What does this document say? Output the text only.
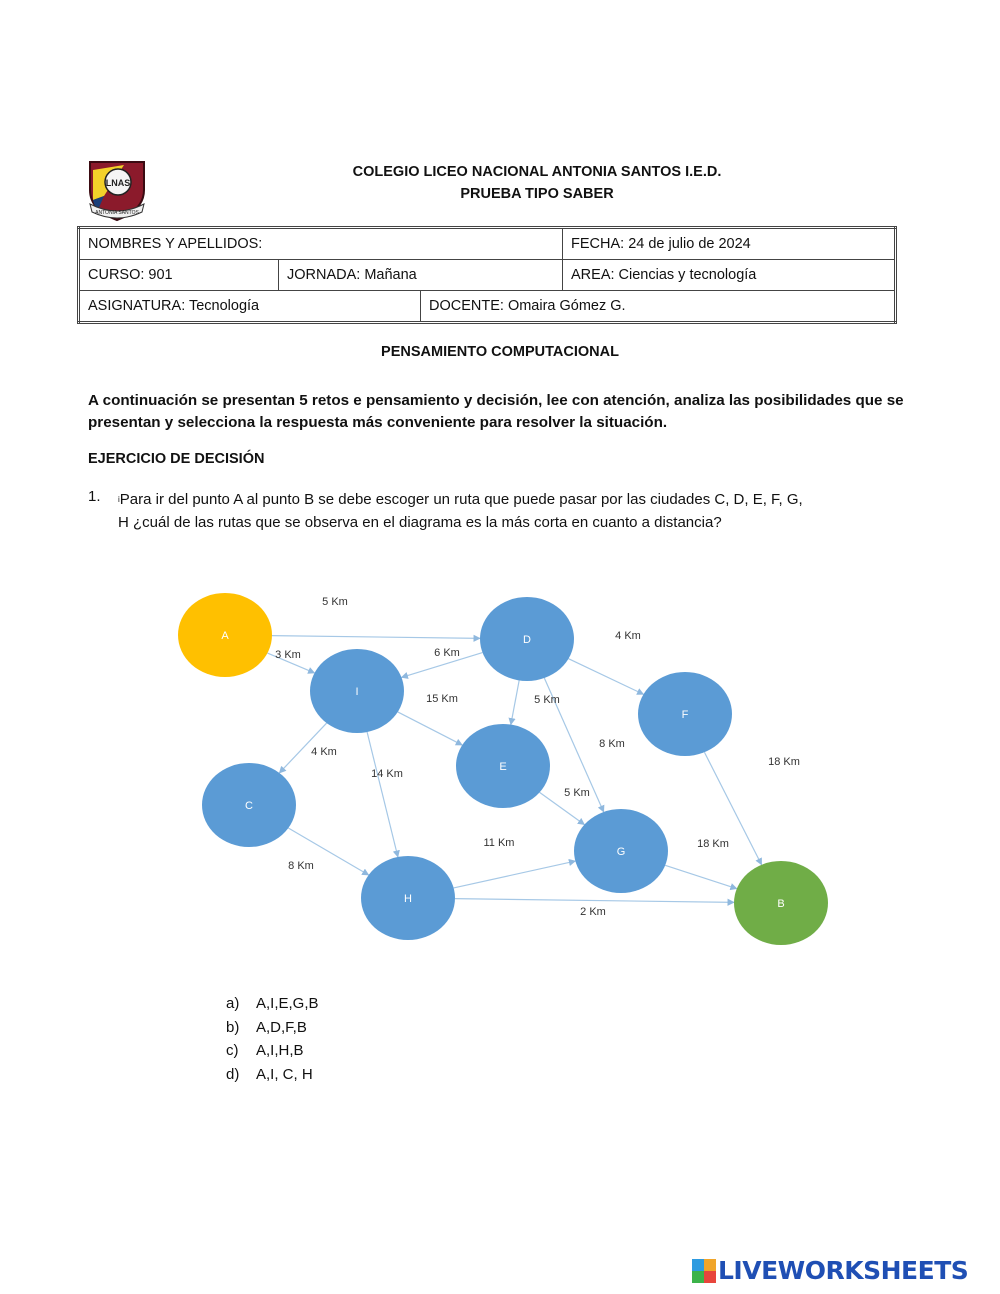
LNAS
ANTONIA SANTOS
COLEGIO LICEO NACIONAL ANTONIA SANTOS I.E.D.
PRUEBA TIPO SABER
NOMBRES Y APELLIDOS:			FECHA: 24 de julio de 2024
CURSO: 901	JORNADA: Mañana		AREA: Ciencias y tecnología
ASIGNATURA: Tecnología		DOCENTE: Omaira Gómez G.	
PENSAMIENTO COMPUTACIONAL
A continuación se presentan 5 retos e pensamiento y decisión, lee con atención, analiza las posibilidades que se presentan y selecciona la respuesta más conveniente para resolver la situación.
EJERCICIO DE DECISIÓN
1. $^i$Para ir del punto A al punto B se debe escoger un ruta que puede pasar por las ciudades C, D, E, F, G, H ¿cuál de las rutas que se observa en el diagrama es la más corta en cuanto a distancia?
5 Km
3 Km	6 Km
4 Km
5 Km
8 Km
15 Km
4 Km
14 Km
18 Km
5 Km
8 Km
11 Km	18 Km
2 Km
A	D
I
F
E
C
G
H	B
a)	A,I,E,G,B
b)	A,D,F,B
c)	A,I,H,B
d)	A,I, C, H
LIVEWORKSHEETS
